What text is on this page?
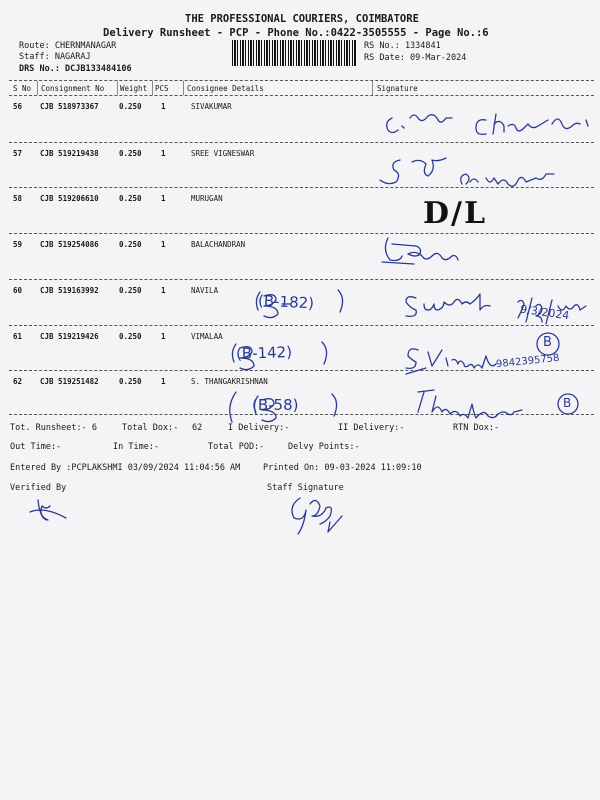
THE PROFESSIONAL COURIERS, COIMBATORE
Delivery Runsheet - PCP - Phone No.:0422-3505555 - Page No.:6
Route: CHERNMANAGAR
Staff: NAGARAJ
DRS No.: DCJB133484106
RS No.: 1334841
RS Date: 09-Mar-2024
S No Consignment No Weight PCS Consignee Details	Signature
56 CJB 518973367	0.250	1	SIVAKUMAR
57 CJB 519219438	0.250	1	SREE VIGNESWAR
58 CJB 519206610	0.250	1	MURUGAN
59 CJB 519254086	0.250	1	BALACHANDRAN
60 CJB 519163992	0.250	1	NAVILA
61 CJB 519219426	0.250	1	VIMALAA
62 CJB 519251482	0.250	1	S. THANGAKRISHNAN
D/L
(B-182)
(B-142)
(B-58)
9/3/2024
9842395758
B
B
Tot. Runsheet:- 6	Total Dox:- 62	I Delivery:-	II Delivery:-	RTN Dox:-
Out Time:-	In Time:-	Total POD:-	Delvy Points:-
Entered By :PCPLAKSHMI 03/09/2024 11:04:56 AM	Printed On: 09-03-2024 11:09:10
Verified By	Staff Signature
